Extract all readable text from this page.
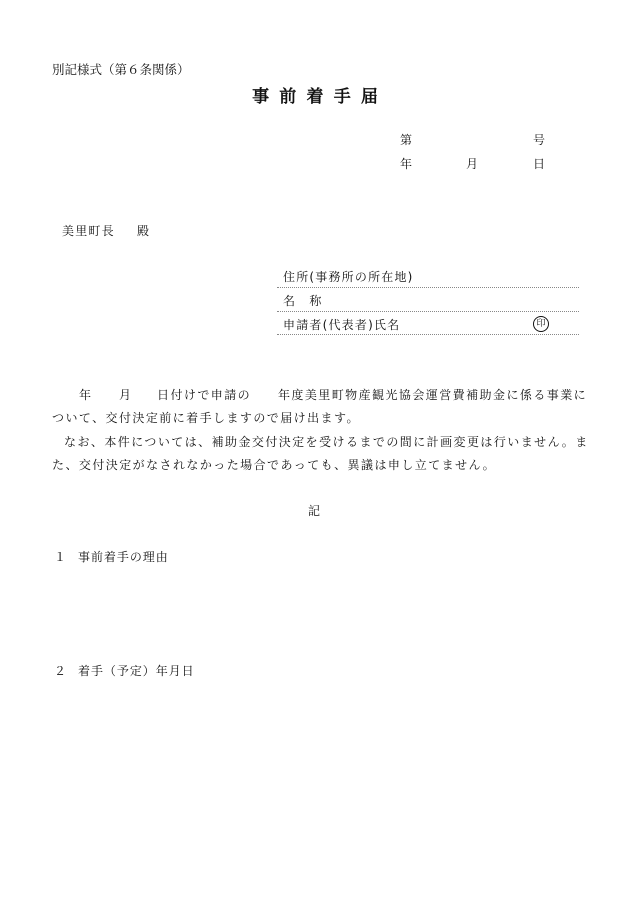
別記様式（第６条関係）
事前着手届
第	号
年	月	日
美里町長 殿
住所(事務所の所在地)
名　称
申請者(代表者)氏名	印
年 月 日付けで申請の　　年度美里町物産観光協会運営費補助金に係る事業に
ついて、交付決定前に着手しますので届け出ます。
なお、本件については、補助金交付決定を受けるまでの間に計画変更は行いません。ま
た、交付決定がなされなかった場合であっても、異議は申し立てません。
記
１ 事前着手の理由
２ 着手（予定）年月日
